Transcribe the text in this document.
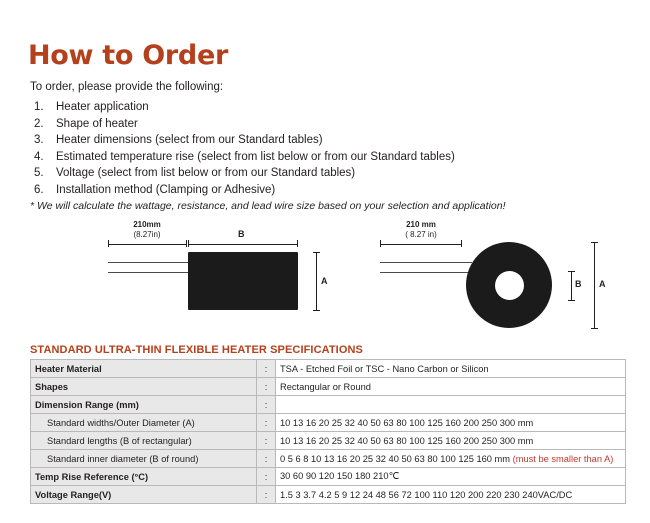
How to Order

To order, please provide the following:

1. Heater application
2. Shape of heater
3. Heater dimensions (select from our Standard tables)
4. Estimated temperature rise (select from list below or from our Standard tables)
5. Voltage (select from list below or from our Standard tables)
6. Installation method (Clamping or Adhesive)

* We will calculate the wattage, resistance, and lead wire size based on your selection and application!

210mm
(8.27in)	B
A
210 mm
( 8.27 in)
B A
STANDARD ULTRA-THIN FLEXIBLE HEATER SPECIFICATIONS
Heater Material	:	TSA - Etched Foil or TSC - Nano Carbon or Silicon
Shapes	:	Rectangular or Round
Dimension Range (mm)	:	
Standard widths/Outer Diameter (A)	:	10 13 16 20 25 32 40 50 63 80 100 125 160 200 250 300 mm
Standard lengths (B of rectangular)	:	10 13 16 20 25 32 40 50 63 80 100 125 160 200 250 300 mm
Standard inner diameter (B of round)	:	0 5 6 8 10 13 16 20 25 32 40 50 63 80 100 125 160 mm (must be smaller than A)
Temp Rise Reference (°C)	:	30 60 90 120 150 180 210℃
Voltage Range(V)	:	1.5 3 3.7 4.2 5 9 12 24 48 56 72 100 110 120 200 220 230 240VAC/DC
